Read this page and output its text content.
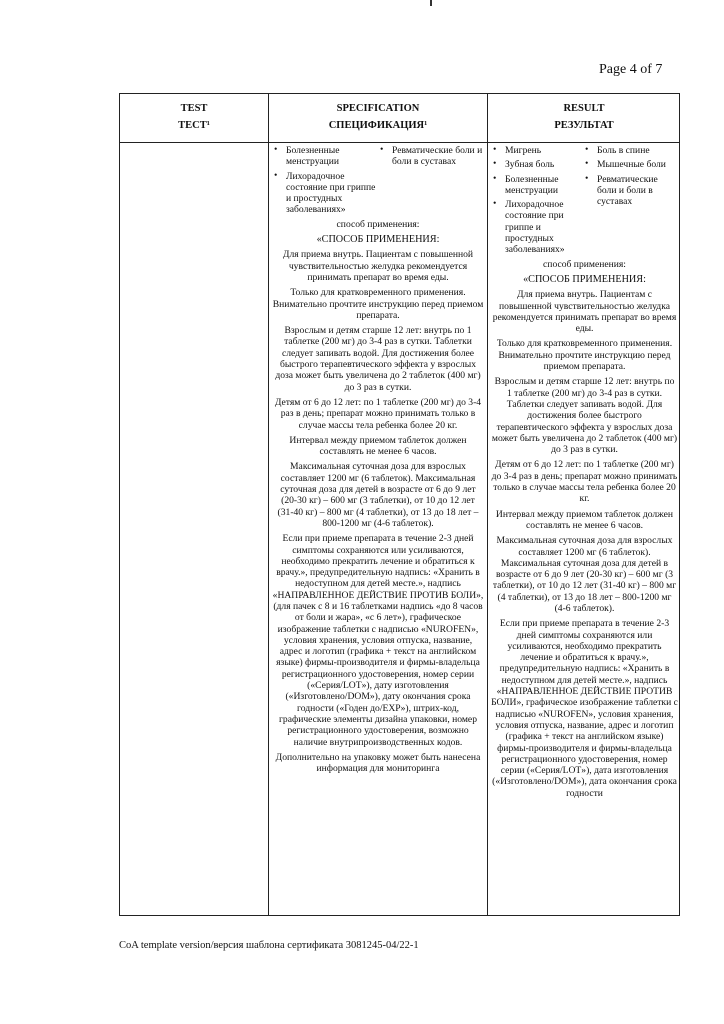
Page 4 of 7
TEST
ТЕСТ¹
SPECIFICATION
СПЕЦИФИКАЦИЯ¹
RESULT
РЕЗУЛЬТАТ
• Болезненные менструации
• Лихорадочное состояние при гриппе и простудных заболеваниях»
• Ревматические боли и боли в суставах

способ применения:

«СПОСОБ ПРИМЕНЕНИЯ:

Для приема внутрь. Пациентам с повышенной чувствительностью желудка рекомендуется принимать препарат во время еды.

Только для кратковременного применения. Внимательно прочтите инструкцию перед приемом препарата.

Взрослым и детям старше 12 лет: внутрь по 1 таблетке (200 мг) до 3-4 раз в сутки. Таблетки следует запивать водой. Для достижения более быстрого терапевтического эффекта у взрослых доза может быть увеличена до 2 таблеток (400 мг) до 3 раз в сутки.

Детям от 6 до 12 лет: по 1 таблетке (200 мг) до 3-4 раз в день; препарат можно принимать только в случае массы тела ребенка более 20 кг.

Интервал между приемом таблеток должен составлять не менее 6 часов.

Максимальная суточная доза для взрослых составляет 1200 мг (6 таблеток). Максимальная суточная доза для детей в возрасте от 6 до 9 лет (20-30 кг) – 600 мг (3 таблетки), от 10 до 12 лет (31-40 кг) – 800 мг (4 таблетки), от 13 до 18 лет – 800-1200 мг (4-6 таблеток).

Если при приеме препарата в течение 2-3 дней симптомы сохраняются или усиливаются, необходимо прекратить лечение и обратиться к врачу.», предупредительную надпись: «Хранить в недоступном для детей месте.», надпись «НАПРАВЛЕННОЕ ДЕЙСТВИЕ ПРОТИВ БОЛИ», (для пачек с 8 и 16 таблетками надпись «до 8 часов от боли и жара», «с 6 лет»), графическое изображение таблетки с надписью «NUROFEN», условия хранения, условия отпуска, название, адрес и логотип (графика + текст на английском языке) фирмы-производителя и фирмы-владельца регистрационного удостоверения, номер серии («Серия/LOT»), дату изготовления («Изготовлено/DOM»), дату окончания срока годности («Годен до/EXP»), штрих-код, графические элементы дизайна упаковки, номер регистрационного удостоверения, возможно наличие внутрипроизводственных кодов.

Дополнительно на упаковку может быть нанесена информация для мониторинга

• Мигрень
• Зубная боль
• Болезненные менструации
• Лихорадочное состояние при гриппе и простудных заболеваниях»
• Боль в спине
• Мышечные боли
• Ревматические боли и боли в суставах

способ применения:

«СПОСОБ ПРИМЕНЕНИЯ:

Для приема внутрь. Пациентам с повышенной чувствительностью желудка рекомендуется принимать препарат во время еды.

Только для кратковременного применения. Внимательно прочтите инструкцию перед приемом препарата.

Взрослым и детям старше 12 лет: внутрь по 1 таблетке (200 мг) до 3-4 раз в сутки. Таблетки следует запивать водой. Для достижения более быстрого терапевтического эффекта у взрослых доза может быть увеличена до 2 таблеток (400 мг) до 3 раз в сутки.

Детям от 6 до 12 лет: по 1 таблетке (200 мг) до 3-4 раз в день; препарат можно принимать только в случае массы тела ребенка более 20 кг.

Интервал между приемом таблеток должен составлять не менее 6 часов.

Максимальная суточная доза для взрослых составляет 1200 мг (6 таблеток). Максимальная суточная доза для детей в возрасте от 6 до 9 лет (20-30 кг) – 600 мг (3 таблетки), от 10 до 12 лет (31-40 кг) – 800 мг (4 таблетки), от 13 до 18 лет – 800-1200 мг (4-6 таблеток).

Если при приеме препарата в течение 2-3 дней симптомы сохраняются или усиливаются, необходимо прекратить лечение и обратиться к врачу.», предупредительную надпись: «Хранить в недоступном для детей месте.», надпись «НАПРАВЛЕННОЕ ДЕЙСТВИЕ ПРОТИВ БОЛИ», графическое изображение таблетки с надписью «NUROFEN», условия хранения, условия отпуска, название, адрес и логотип (графика + текст на английском языке) фирмы-производителя и фирмы-владельца регистрационного удостоверения, номер серии («Серия/LOT»), дата изготовления («Изготовлено/DOM»), дата окончания срока годности

CoA template version/версия шаблона сертификата 3081245-04/22-1
